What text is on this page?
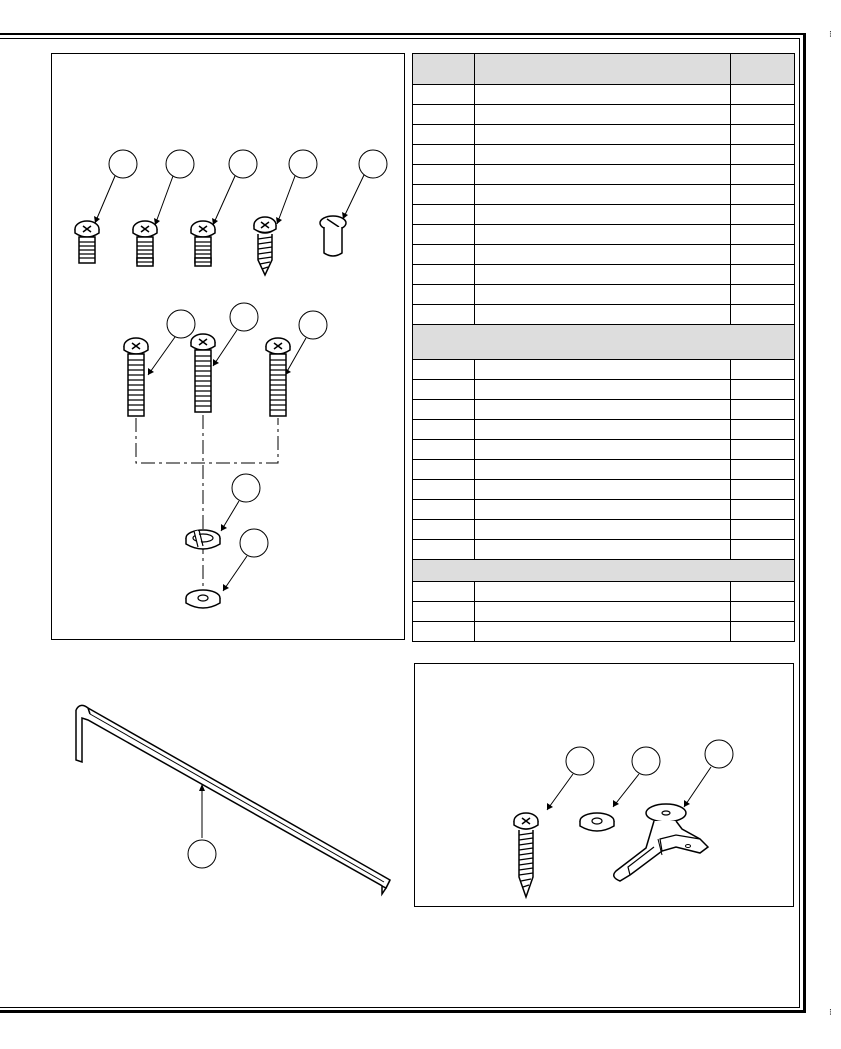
⁝
⁝
